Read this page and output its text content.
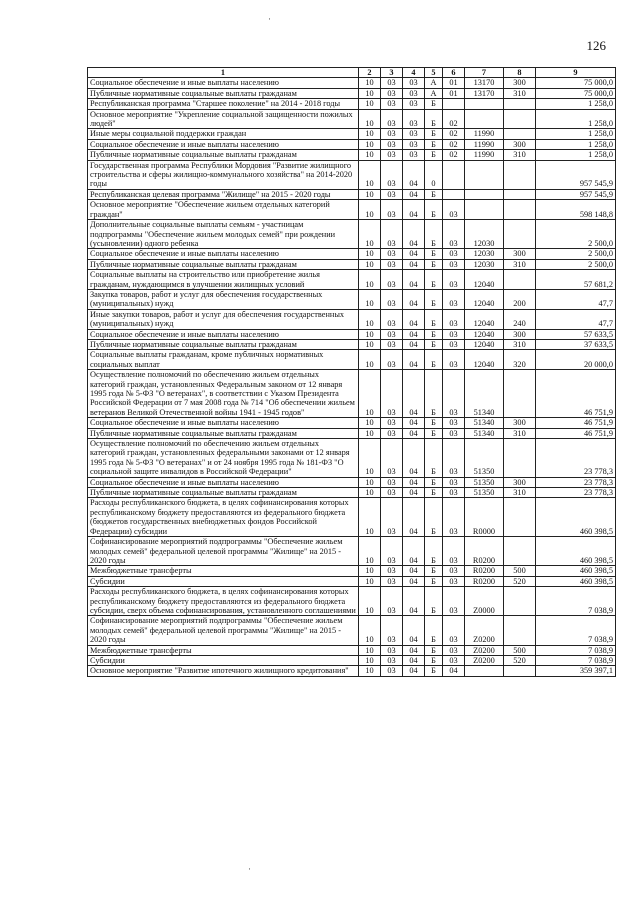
126
·
·
1	2	3	4	5	6	7	8	9
Социальное обеспечение и иные выплаты населению	10	03	03	А	01	13170	300	75 000,0
Публичные нормативные социальные выплаты гражданам	10	03	03	А	01	13170	310	75 000,0
Республиканская программа "Старшее поколение" на 2014 - 2018 годы	10	03	03	Б				1 258,0
Основное мероприятие "Укрепление социальной защищенности пожилых людей"	10	03	03	Б	02			1 258,0
Иные меры социальной поддержки граждан	10	03	03	Б	02	11990		1 258,0
Социальное обеспечение и иные выплаты населению	10	03	03	Б	02	11990	300	1 258,0
Публичные нормативные социальные выплаты гражданам	10	03	03	Б	02	11990	310	1 258,0
Государственная программа Республики Мордовия "Развитие жилищного строительства и сферы жилищно-коммунального хозяйства" на 2014-2020 годы	10	03	04	0				957 545,9
Республиканская целевая программа "Жилище" на 2015 - 2020 годы	10	03	04	Б				957 545,9
Основное мероприятие "Обеспечение жильем отдельных категорий граждан"	10	03	04	Б	03			598 148,8
Дополнительные социальные выплаты семьям - участницам подпрограммы "Обеспечение жильем молодых семей" при рождении (усыновлении) одного ребенка	10	03	04	Б	03	12030		2 500,0
Социальное обеспечение и иные выплаты населению	10	03	04	Б	03	12030	300	2 500,0
Публичные нормативные социальные выплаты гражданам	10	03	04	Б	03	12030	310	2 500,0
Социальные выплаты на строительство или приобретение жилья гражданам, нуждающимся в улучшении жилищных условий	10	03	04	Б	03	12040		57 681,2
Закупка товаров, работ и услуг для обеспечения государственных (муниципальных) нужд	10	03	04	Б	03	12040	200	47,7
Иные закупки товаров, работ и услуг для обеспечения государственных (муниципальных) нужд	10	03	04	Б	03	12040	240	47,7
Социальное обеспечение и иные выплаты населению	10	03	04	Б	03	12040	300	57 633,5
Публичные нормативные социальные выплаты гражданам	10	03	04	Б	03	12040	310	37 633,5
Социальные выплаты гражданам, кроме публичных нормативных социальных выплат	10	03	04	Б	03	12040	320	20 000,0
Осуществление полномочий по обеспечению жильем отдельных категорий граждан, установленных Федеральным законом от 12 января 1995 года № 5-ФЗ "О ветеранах", в соответствии с Указом Президента Российской Федерации от 7 мая 2008 года № 714 "Об обеспечении жильем ветеранов Великой Отечественной войны 1941 - 1945 годов"	10	03	04	Б	03	51340		46 751,9
Социальное обеспечение и иные выплаты населению	10	03	04	Б	03	51340	300	46 751,9
Публичные нормативные социальные выплаты гражданам	10	03	04	Б	03	51340	310	46 751,9
Осуществление полномочий по обеспечению жильем отдельных категорий граждан, установленных федеральными законами от 12 января 1995 года № 5-ФЗ "О ветеранах" и от 24 ноября 1995 года № 181-ФЗ "О социальной защите инвалидов в Российской Федерации"	10	03	04	Б	03	51350		23 778,3
Социальное обеспечение и иные выплаты населению	10	03	04	Б	03	51350	300	23 778,3
Публичные нормативные социальные выплаты гражданам	10	03	04	Б	03	51350	310	23 778,3
Расходы республиканского бюджета, в целях софинансирования которых республиканскому бюджету предоставляются из федерального бюджета (бюджетов государственных внебюджетных фондов Российской Федерации) субсидии	10	03	04	Б	03	R0000		460 398,5
Софинансирование мероприятий подпрограммы "Обеспечение жильем молодых семей" федеральной целевой программы "Жилище" на 2015 - 2020 годы	10	03	04	Б	03	R0200		460 398,5
Межбюджетные трансферты	10	03	04	Б	03	R0200	500	460 398,5
Субсидии	10	03	04	Б	03	R0200	520	460 398,5
Расходы республиканского бюджета, в целях софинансирования которых республиканскому бюджету предоставляются из федерального бюджета субсидии, сверх объема софинансирования, установленного соглашениями	10	03	04	Б	03	Z0000		7 038,9
Софинансирование мероприятий подпрограммы "Обеспечение жильем молодых семей" федеральной целевой программы "Жилище" на 2015 - 2020 годы	10	03	04	Б	03	Z0200		7 038,9
Межбюджетные трансферты	10	03	04	Б	03	Z0200	500	7 038,9
Субсидии	10	03	04	Б	03	Z0200	520	7 038,9
Основное мероприятие "Развитие ипотечного жилищного кредитования"	10	03	04	Б	04			359 397,1
